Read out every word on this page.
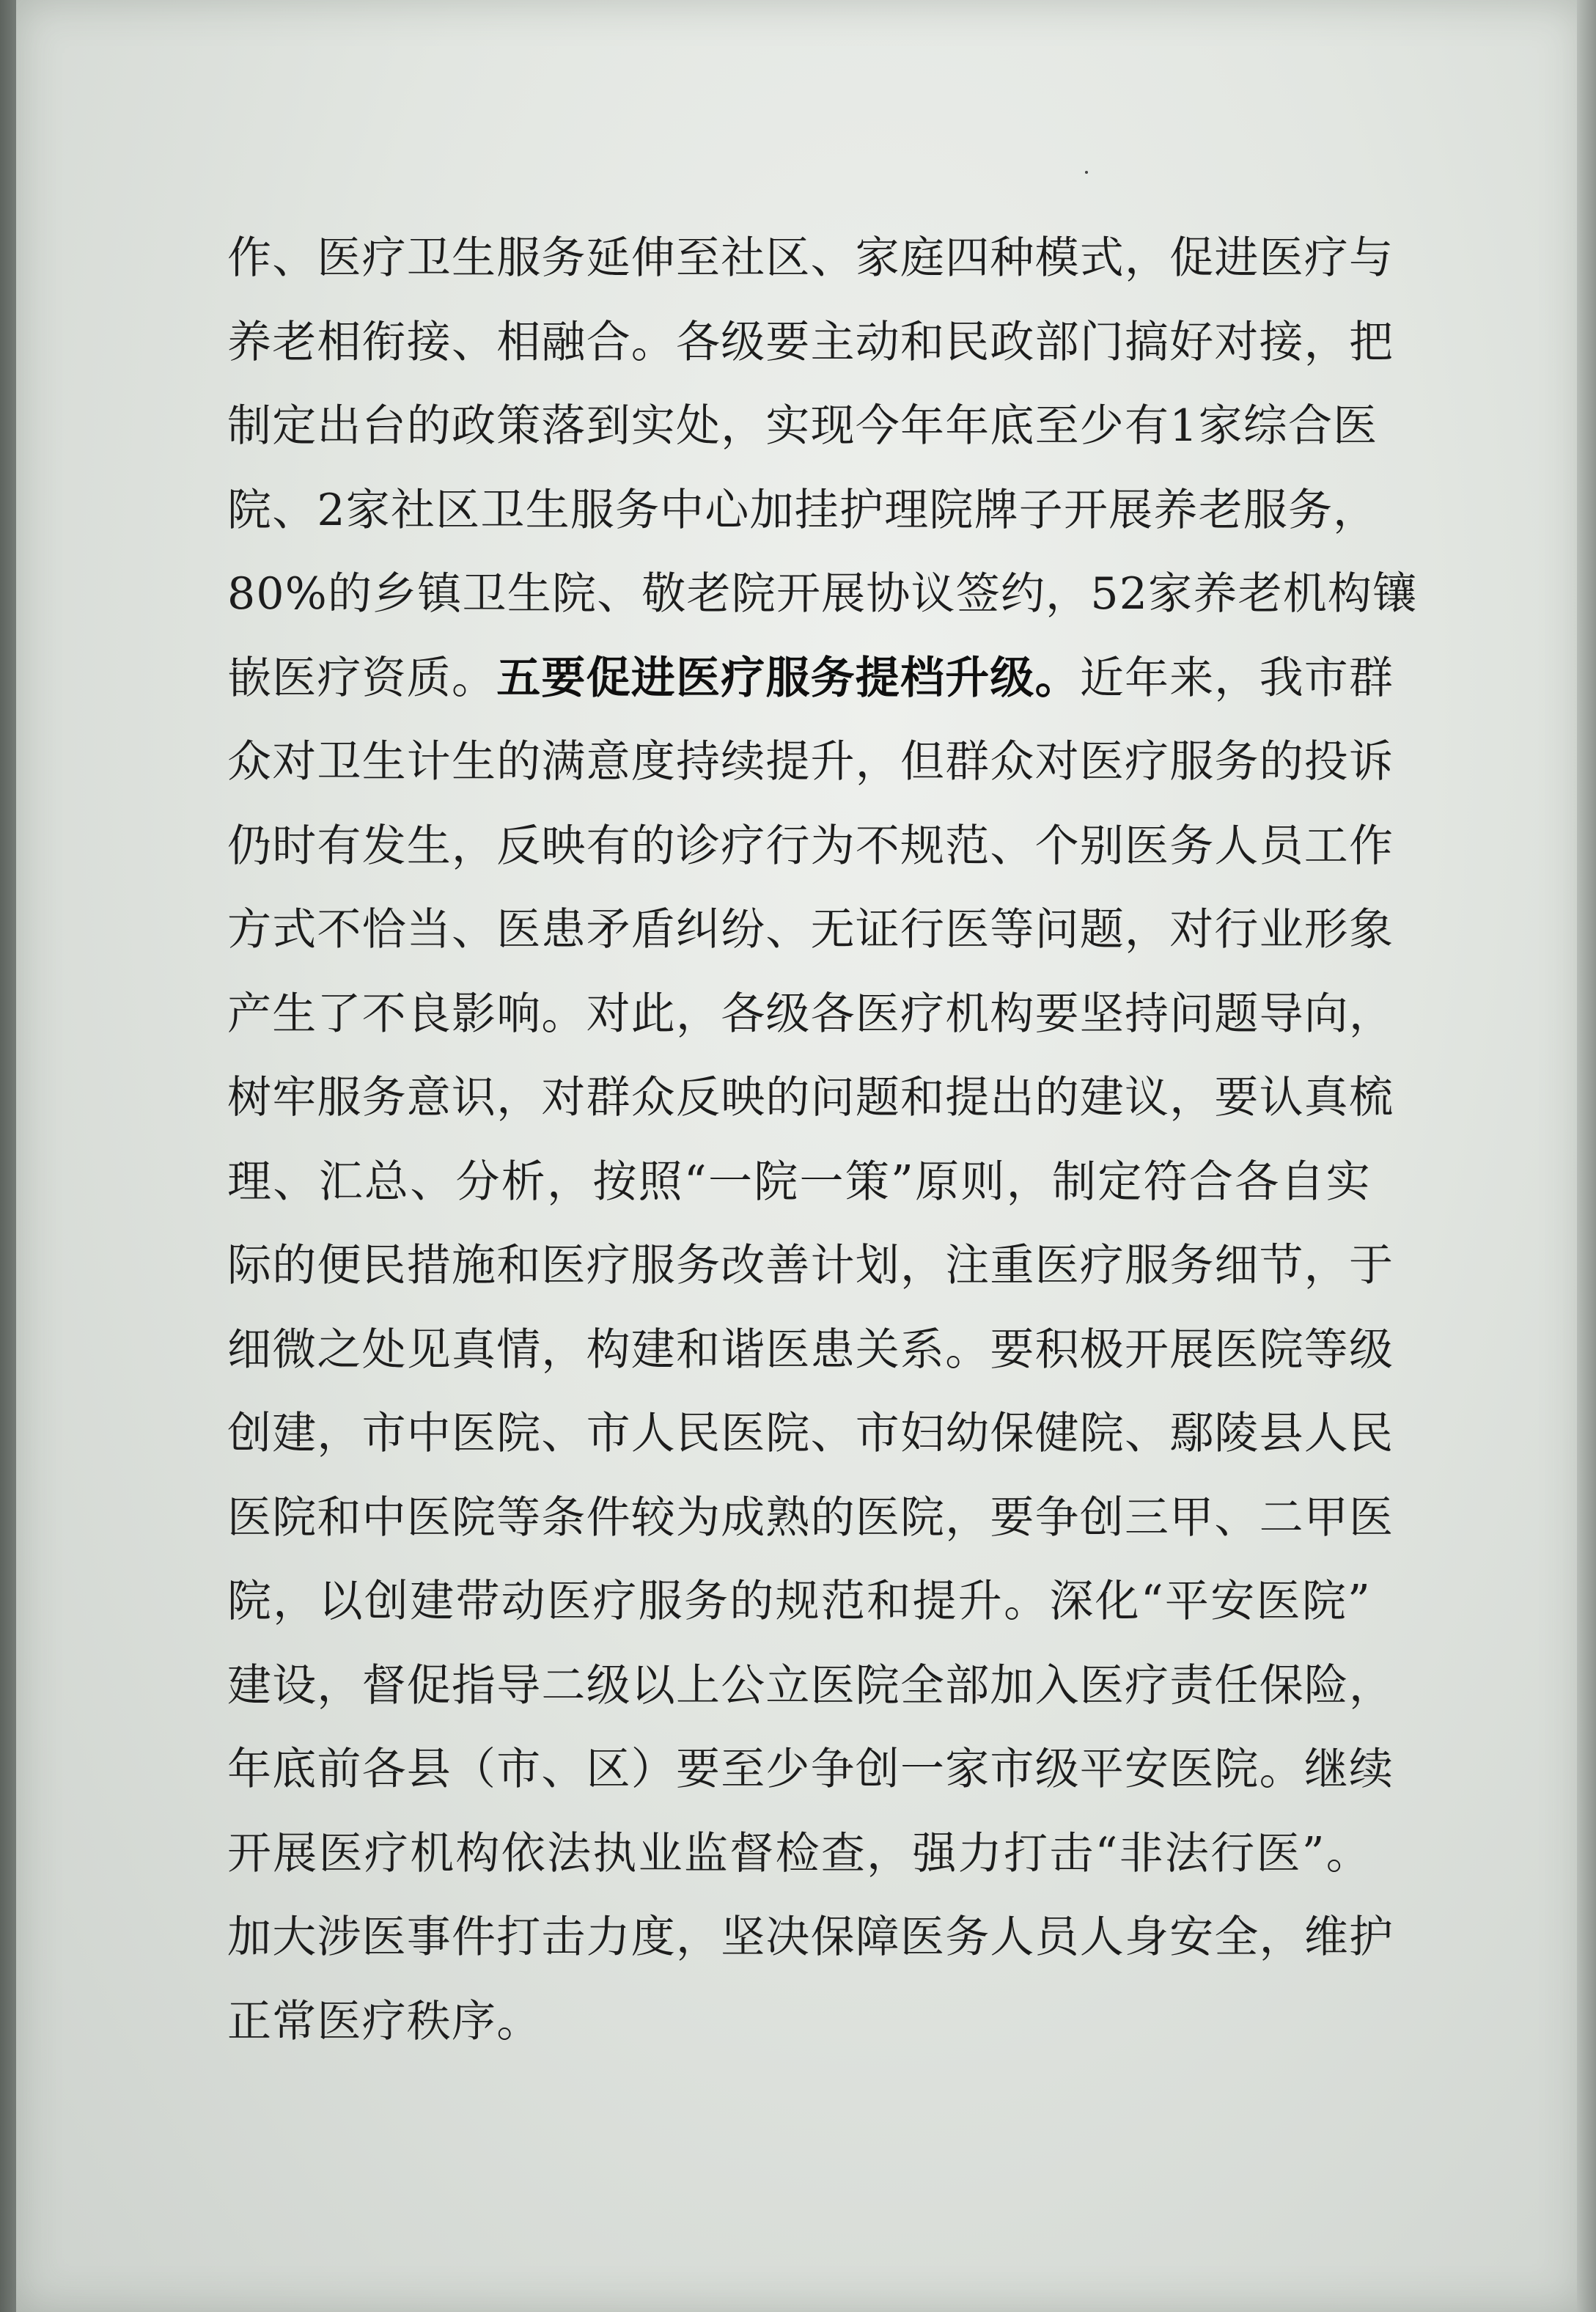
作、医疗卫生服务延伸至社区、家庭四种模式，促进医疗与
养老相衔接、相融合。各级要主动和民政部门搞好对接，把
制定出台的政策落到实处，实现今年年底至少有1家综合医
院、2家社区卫生服务中心加挂护理院牌子开展养老服务，
80%的乡镇卫生院、敬老院开展协议签约，52家养老机构镶
嵌医疗资质。五要促进医疗服务提档升级。近年来，我市群
众对卫生计生的满意度持续提升，但群众对医疗服务的投诉
仍时有发生，反映有的诊疗行为不规范、个别医务人员工作
方式不恰当、医患矛盾纠纷、无证行医等问题，对行业形象
产生了不良影响。对此，各级各医疗机构要坚持问题导向，
树牢服务意识，对群众反映的问题和提出的建议，要认真梳
理、汇总、分析，按照“一院一策”原则，制定符合各自实
际的便民措施和医疗服务改善计划，注重医疗服务细节，于
细微之处见真情，构建和谐医患关系。要积极开展医院等级
创建，市中医院、市人民医院、市妇幼保健院、鄢陵县人民
医院和中医院等条件较为成熟的医院，要争创三甲、二甲医
院，以创建带动医疗服务的规范和提升。深化“平安医院”
建设，督促指导二级以上公立医院全部加入医疗责任保险，
年底前各县（市、区）要至少争创一家市级平安医院。继续
开展医疗机构依法执业监督检查，强力打击“非法行医”。
加大涉医事件打击力度，坚决保障医务人员人身安全，维护
正常医疗秩序。
